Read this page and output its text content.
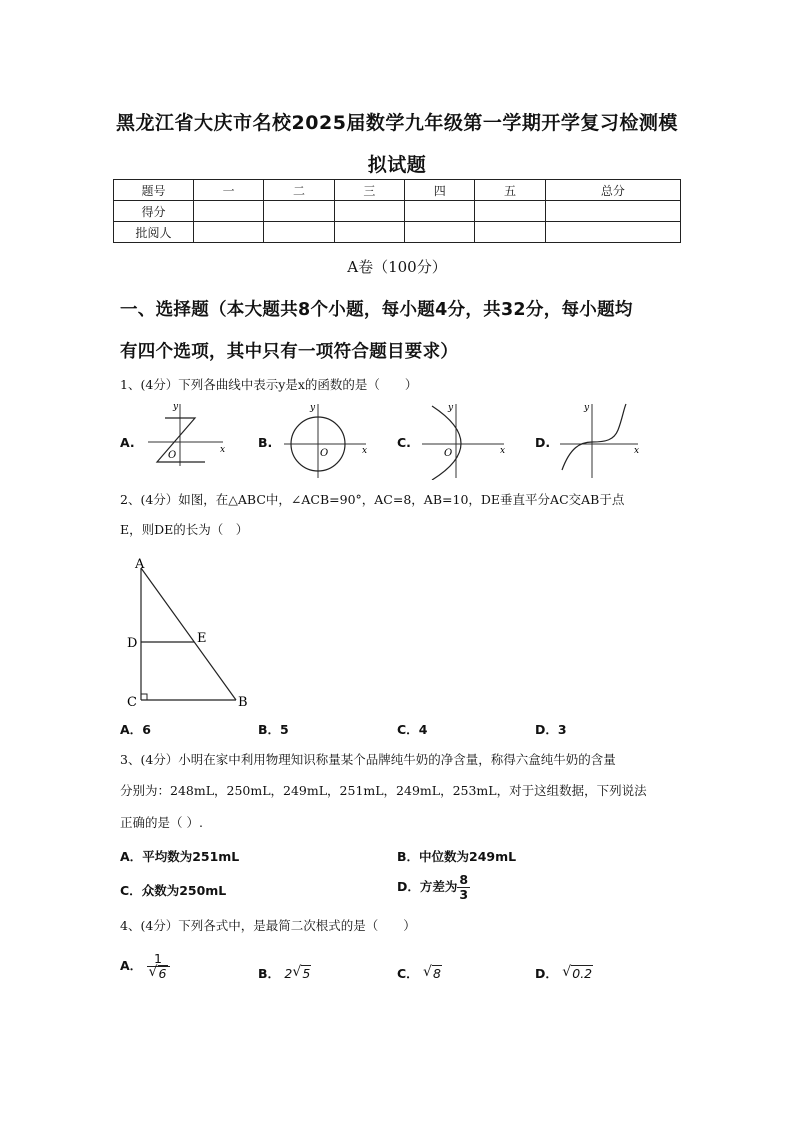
黑龙江省大庆市名校2025届数学九年级第一学期开学复习检测模
拟试题
题号	一	二	三	四	五	总分
得分						
批阅人						
A卷（100分）
一、选择题（本大题共8个小题，每小题4分，共32分，每小题均
有四个选项，其中只有一项符合题目要求）
1、(4分）下列各曲线中表示y是x的函数的是（　　）
A.
y
x
O
B.
y
x
O
C.
y
x
O
D.
y
x
2、(4分）如图，在△ABC中，∠ACB=90°，AC=8，AB=10，DE垂直平分AC交AB于点
E，则DE的长为（　）
A
D	E
C	B
A．6	B．5	C．4	D．3
3、(4分）小明在家中利用物理知识称量某个品牌纯牛奶的净含量，称得六盒纯牛奶的含量
分别为：248mL，250mL，249mL，251mL，249mL，253mL，对于这组数据，下列说法
正确的是（ ）.
A．平均数为251mL	B．中位数为249mL
C．众数为250mL	D．方差为 $\frac{8}{3}$
4、(4分）下列各式中，是最简二次根式的是（　　）
A． $\frac{1}{√ 6}$	B． 2 √ 5	C． √ 8	D． √ 0.2
